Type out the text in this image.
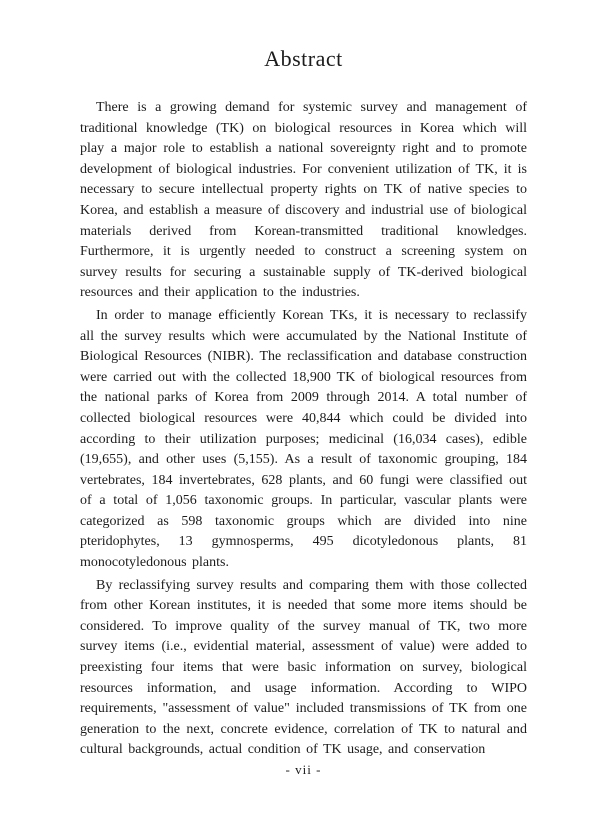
Abstract

There is a growing demand for systemic survey and management of traditional knowledge (TK) on biological resources in Korea which will play a major role to establish a national sovereignty right and to promote development of biological industries. For convenient utilization of TK, it is necessary to secure intellectual property rights on TK of native species to Korea, and establish a measure of discovery and industrial use of biological materials derived from Korean-transmitted traditional knowledges. Furthermore, it is urgently needed to construct a screening system on survey results for securing a sustainable supply of TK-derived biological resources and their application to the industries.

In order to manage efficiently Korean TKs, it is necessary to reclassify all the survey results which were accumulated by the National Institute of Biological Resources (NIBR). The reclassification and database construction were carried out with the collected 18,900 TK of biological resources from the national parks of Korea from 2009 through 2014. A total number of collected biological resources were 40,844 which could be divided into according to their utilization purposes; medicinal (16,034 cases), edible (19,655), and other uses (5,155). As a result of taxonomic grouping, 184 vertebrates, 184 invertebrates, 628 plants, and 60 fungi were classified out of a total of 1,056 taxonomic groups. In particular, vascular plants were categorized as 598 taxonomic groups which are divided into nine pteridophytes, 13 gymnosperms, 495 dicotyledonous plants, 81 monocotyledonous plants.

By reclassifying survey results and comparing them with those collected from other Korean institutes, it is needed that some more items should be considered. To improve quality of the survey manual of TK, two more survey items (i.e., evidential material, assessment of value) were added to preexisting four items that were basic information on survey, biological resources information, and usage information. According to WIPO requirements, "assessment of value" included transmissions of TK from one generation to the next, concrete evidence, correlation of TK to natural and cultural backgrounds, actual condition of TK usage, and conservation

- vii -
